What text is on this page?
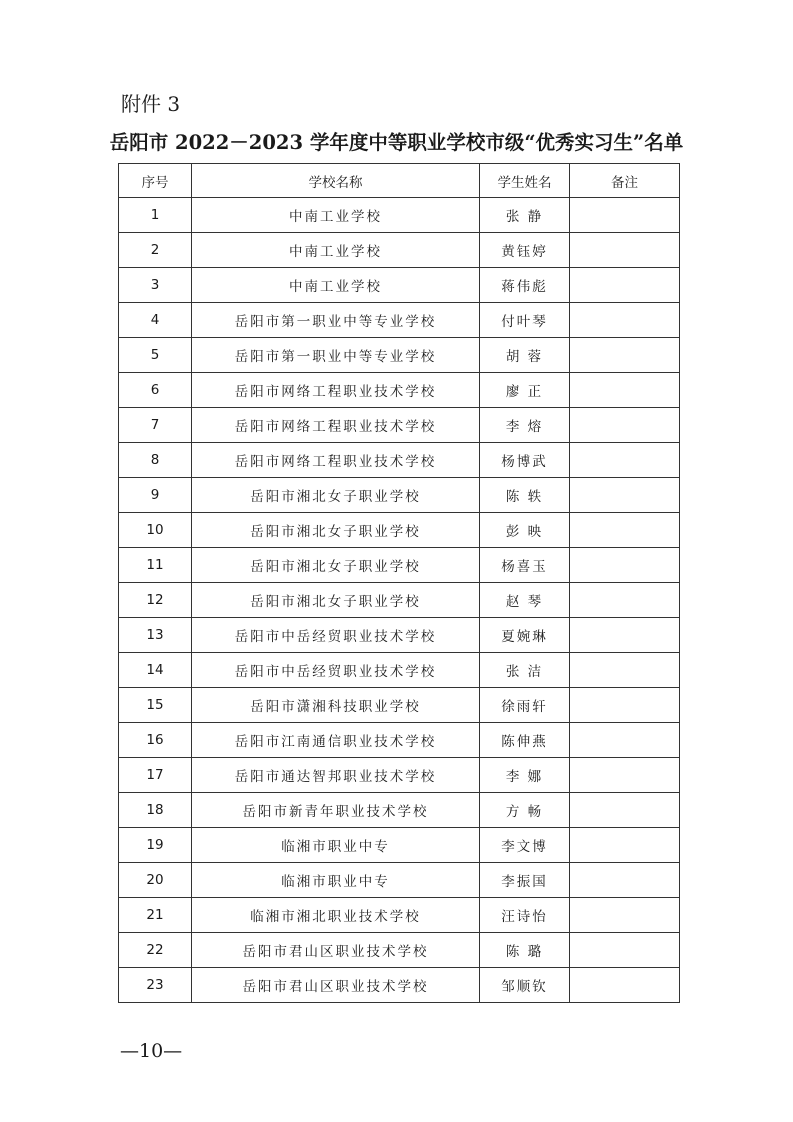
附件 3
岳阳市 2022－2023 学年度中等职业学校市级“优秀实习生”名单
序号	学校名称	学生姓名	备注
1	中南工业学校	张 静	
2	中南工业学校	黄钰婷	
3	中南工业学校	蒋伟彪	
4	岳阳市第一职业中等专业学校	付叶琴	
5	岳阳市第一职业中等专业学校	胡 蓉	
6	岳阳市网络工程职业技术学校	廖 正	
7	岳阳市网络工程职业技术学校	李 熔	
8	岳阳市网络工程职业技术学校	杨博武	
9	岳阳市湘北女子职业学校	陈 轶	
10	岳阳市湘北女子职业学校	彭 映	
11	岳阳市湘北女子职业学校	杨喜玉	
12	岳阳市湘北女子职业学校	赵 琴	
13	岳阳市中岳经贸职业技术学校	夏婉琳	
14	岳阳市中岳经贸职业技术学校	张 洁	
15	岳阳市潇湘科技职业学校	徐雨轩	
16	岳阳市江南通信职业技术学校	陈伸燕	
17	岳阳市通达智邦职业技术学校	李 娜	
18	岳阳市新青年职业技术学校	方 畅	
19	临湘市职业中专	李文博	
20	临湘市职业中专	李振国	
21	临湘市湘北职业技术学校	汪诗怡	
22	岳阳市君山区职业技术学校	陈 璐	
23	岳阳市君山区职业技术学校	邹顺钦	
—10—
